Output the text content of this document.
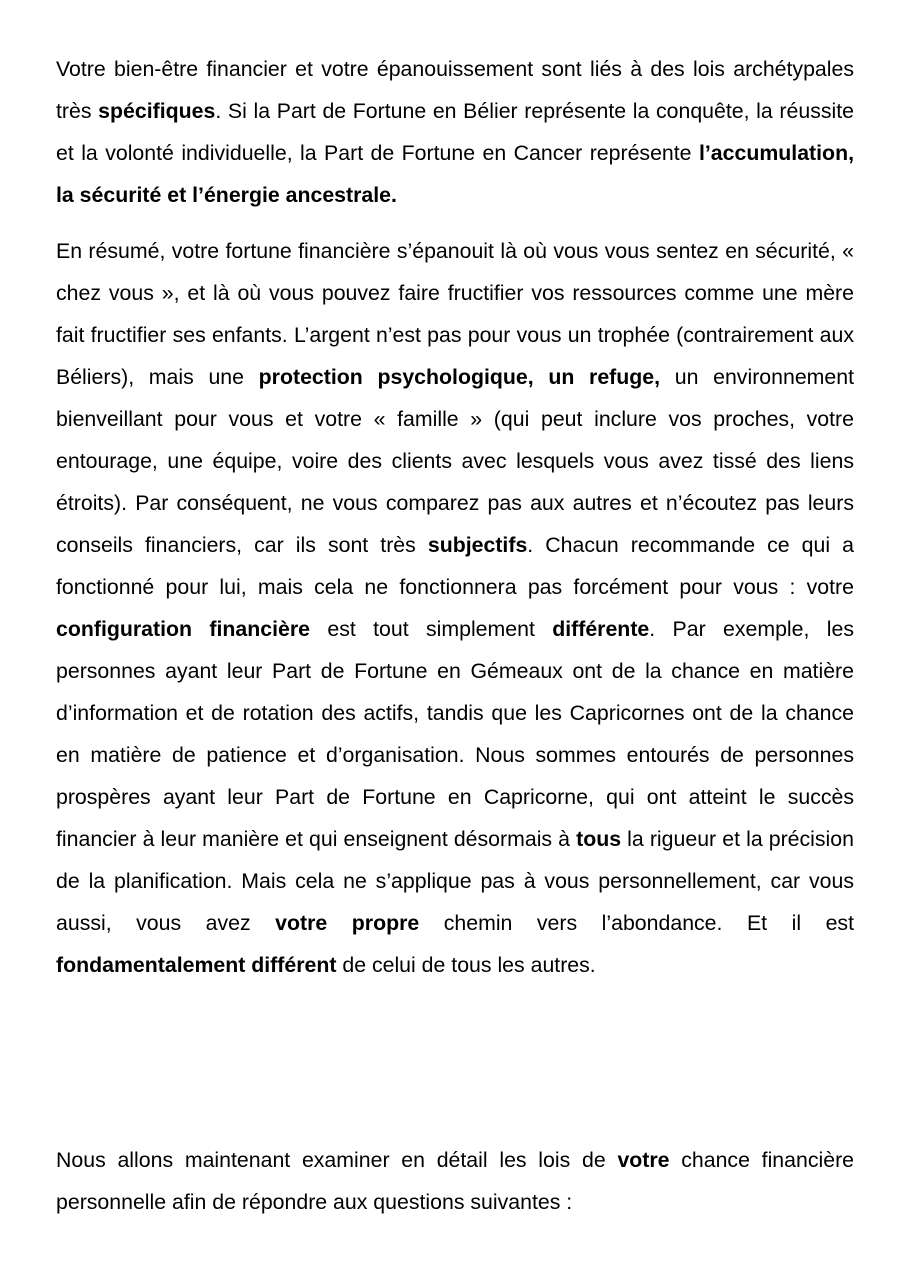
Votre bien-être financier et votre épanouissement sont liés à des lois archétypales très spécifiques. Si la Part de Fortune en Bélier représente la conquête, la réussite et la volonté individuelle, la Part de Fortune en Cancer représente l’accumulation, la sécurité et l’énergie ancestrale.

En résumé, votre fortune financière s’épanouit là où vous vous sentez en sécurité, « chez vous », et là où vous pouvez faire fructifier vos ressources comme une mère fait fructifier ses enfants. L’argent n’est pas pour vous un trophée (contrairement aux Béliers), mais une protection psychologique, un refuge, un environnement bienveillant pour vous et votre « famille » (qui peut inclure vos proches, votre entourage, une équipe, voire des clients avec lesquels vous avez tissé des liens étroits). Par conséquent, ne vous comparez pas aux autres et n’écoutez pas leurs conseils financiers, car ils sont très subjectifs. Chacun recommande ce qui a fonctionné pour lui, mais cela ne fonctionnera pas forcément pour vous : votre configuration financière est tout simplement différente. Par exemple, les personnes ayant leur Part de Fortune en Gémeaux ont de la chance en matière d’information et de rotation des actifs, tandis que les Capricornes ont de la chance en matière de patience et d’organisation. Nous sommes entourés de personnes prospères ayant leur Part de Fortune en Capricorne, qui ont atteint le succès financier à leur manière et qui enseignent désormais à tous la rigueur et la précision de la planification. Mais cela ne s’applique pas à vous personnellement, car vous aussi, vous avez votre propre chemin vers l’abondance. Et il est fondamentalement différent de celui de tous les autres.

Nous allons maintenant examiner en détail les lois de votre chance financière personnelle afin de répondre aux questions suivantes :
